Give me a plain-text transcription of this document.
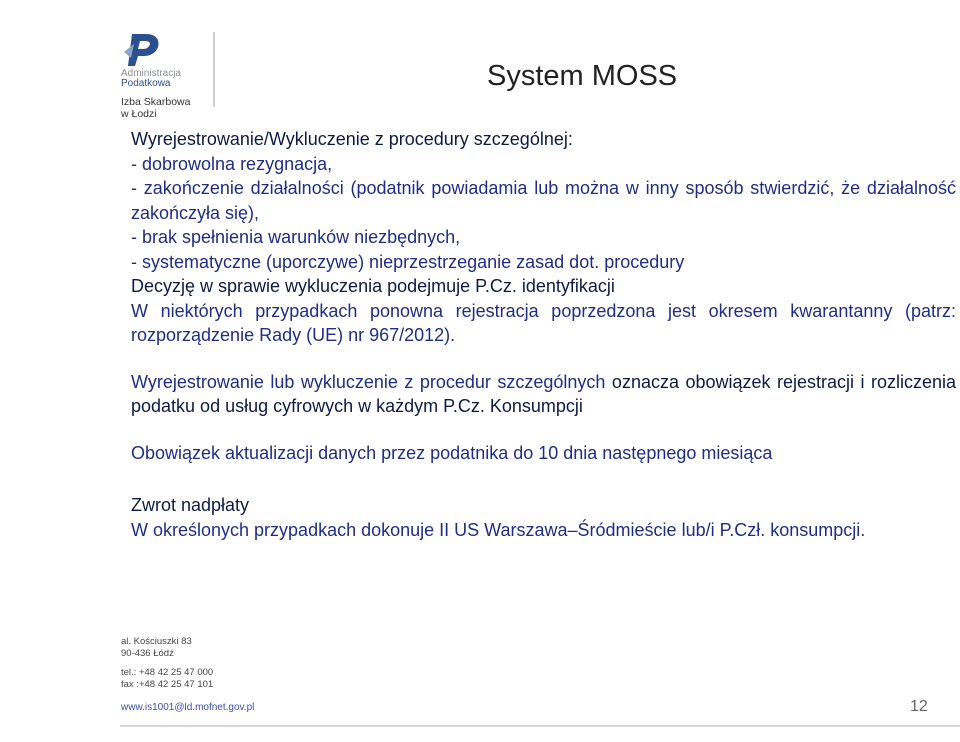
Administracja
Podatkowa
Izba Skarbowa
w Łodzi
System MOSS

Wyrejestrowanie/Wykluczenie z procedury szczególnej:

- dobrowolna rezygnacja,

- zakończenie działalności (podatnik powiadamia lub można w inny sposób stwierdzić, że działalność zakończyła się),

- brak spełnienia warunków niezbędnych,

- systematyczne (uporczywe) nieprzestrzeganie zasad dot. procedury

Decyzję w sprawie wykluczenia podejmuje P.Cz. identyfikacji

W niektórych przypadkach ponowna rejestracja poprzedzona jest okresem kwarantanny (patrz: rozporządzenie Rady (UE) nr 967/2012).

Wyrejestrowanie lub wykluczenie z procedur szczególnych oznacza obowiązek rejestracji i rozliczenia podatku od usług cyfrowych w każdym P.Cz. Konsumpcji

Obowiązek aktualizacji danych przez podatnika do 10 dnia następnego miesiąca

Zwrot nadpłaty

W określonych przypadkach dokonuje II US Warszawa–Śródmieście lub/i P.Czł. konsumpcji.

al. Kościuszki 83
90-436 Łódź
tel.: +48 42 25 47 000
fax :+48 42 25 47 101
www.is1001@ld.mofnet.gov.pl	12
